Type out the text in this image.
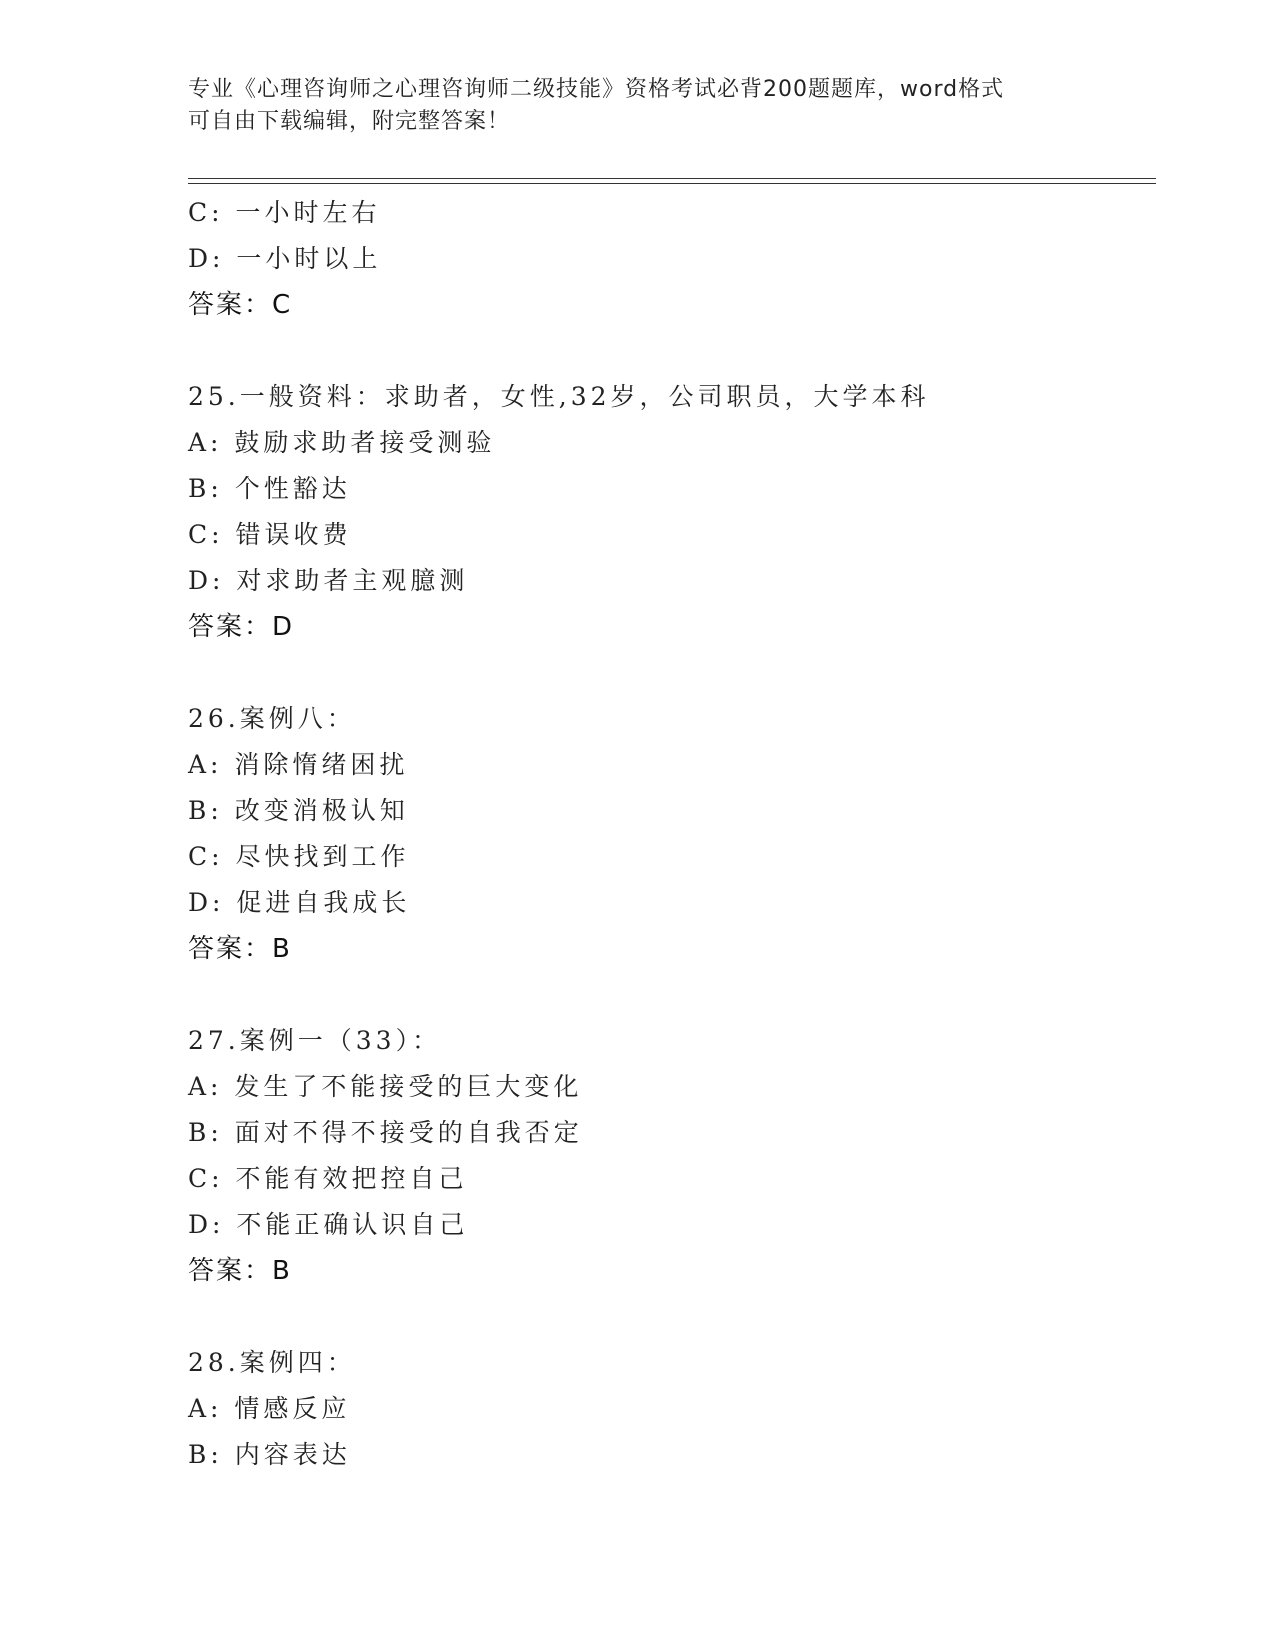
专业《心理咨询师之心理咨询师二级技能》资格考试必背200题题库，word格式
可自由下载编辑，附完整答案！
C: 一小时左右
D: 一小时以上
答案：C
25.一般资料：求助者，女性,32岁，公司职员，大学本科
A: 鼓励求助者接受测验
B: 个性豁达
C: 错误收费
D: 对求助者主观臆测
答案：D
26.案例八：
A: 消除惰绪困扰
B: 改变消极认知
C: 尽快找到工作
D: 促进自我成长
答案：B
27.案例一（33）：
A: 发生了不能接受的巨大变化
B: 面对不得不接受的自我否定
C: 不能有效把控自己
D: 不能正确认识自己
答案：B
28.案例四：
A: 情感反应
B: 内容表达
